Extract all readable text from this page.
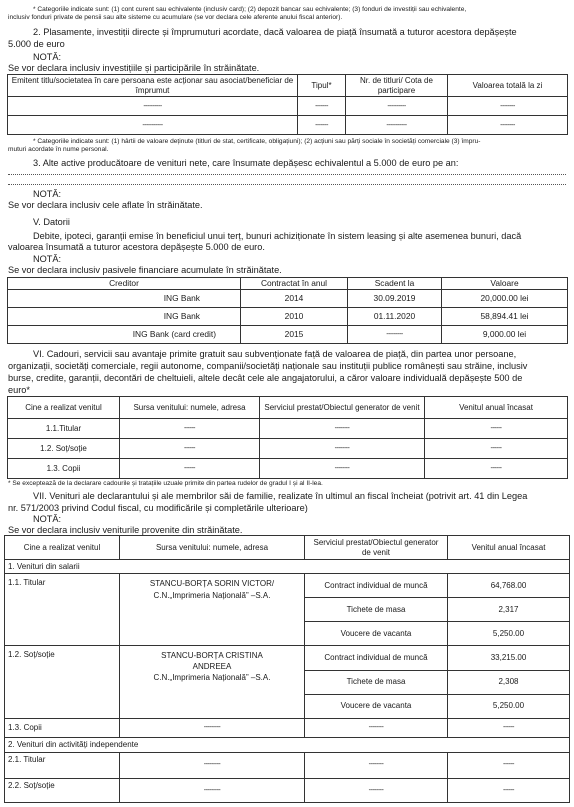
* Categoriile indicate sunt: (1) cont curent sau echivalente (inclusiv card); (2) depozit bancar sau echivalente; (3) fonduri de investiții sau echivalente,
inclusiv fonduri private de pensii sau alte sisteme cu acumulare (se vor declara cele aferente anului fiscal anterior).
2. Plasamente, investiții directe și împrumuturi acordate, dacă valoarea de piață însumată a tuturor acestora depășește
5.000 de euro
NOTĂ:
Se vor declara inclusiv investițiile și participările în străinătate.
Emitent titlu/societatea în care persoana este acționar sau asociat/beneficiar de împrumut	Tipul*	Nr. de titluri/ Cota de participare	Valoarea totală la zi
----------	-------	----------	--------
-----------	-------	-----------	--------
* Categoriile indicate sunt: (1) hârtii de valoare deținute (titluri de stat, certificate, obligațiuni); (2) acțiuni sau părți sociale în societăți comerciale (3) împru-
muturi acordate în nume personal.
3. Alte active producătoare de venituri nete, care însumate depășesc echivalentul a 5.000 de euro pe an:
NOTĂ:
Se vor declara inclusiv cele aflate în străinătate.
V. Datorii
Debite, ipoteci, garanții emise în beneficiul unui terț, bunuri achiziționate în sistem leasing și alte asemenea bunuri, dacă
valoarea însumată a tuturor acestora depășește 5.000 de euro.
NOTĂ:
Se vor declara inclusiv pasivele financiare acumulate în străinătate.
Creditor	Contractat în anul	Scadent la	Valoare
ING Bank	2014	30.09.2019	20,000.00 lei
ING Bank	2010	01.11.2020	58,894.41 lei
ING Bank (card credit)	2015	---------	9,000.00 lei
VI. Cadouri, servicii sau avantaje primite gratuit sau subvenționate față de valoarea de piață, din partea unor persoane,
organizații, societăți comerciale, regii autonome, companii/societăți naționale sau instituții publice românești sau străine, inclusiv
burse, credite, garanții, decontări de cheltuieli, altele decât cele ale angajatorului, a căror valoare individuală depășește 500 de
euro*
Cine a realizat venitul	Sursa venitului: numele, adresa	Serviciul prestat/Obiectul generator de venit	Venitul anual încasat
1.1.Titular	------	--------	------
1.2. Soț/soție	------	--------	------
1.3. Copii	------	--------	------
* Se exceptează de la declarare cadourile și tratațiile uzuale primite din partea rudelor de gradul I și al II-lea.
VII. Venituri ale declarantului și ale membrilor săi de familie, realizate în ultimul an fiscal încheiat (potrivit art. 41 din Legea
nr. 571/2003 privind Codul fiscal, cu modificările și completările ulterioare)
NOTĂ:
Se vor declara inclusiv veniturile provenite din străinătate.
Cine a realizat venitul	Sursa venitului: numele, adresa	Serviciul prestat/Obiectul generator de venit	Venitul anual încasat
1. Venituri din salarii			
1.1. Titular	STANCU-BORȚA SORIN VICTOR/
C.N.„Imprimeria Națională” –S.A.	Contract individual de muncă	64,768.00
		Tichete de masa	2,317
		Voucere de vacanta	5,250.00
1.2. Soț/soție	STANCU-BORȚA CRISTINA
ANDREEA
C.N.„Imprimeria Națională” –S.A.	Contract individual de muncă	33,215.00
		Tichete de masa	2,308
		Voucere de vacanta	5,250.00
1.3. Copii	---------	--------	------
2. Venituri din activități independente			
2.1. Titular	---------	--------	------
2.2. Soț/soție	---------	--------	------
